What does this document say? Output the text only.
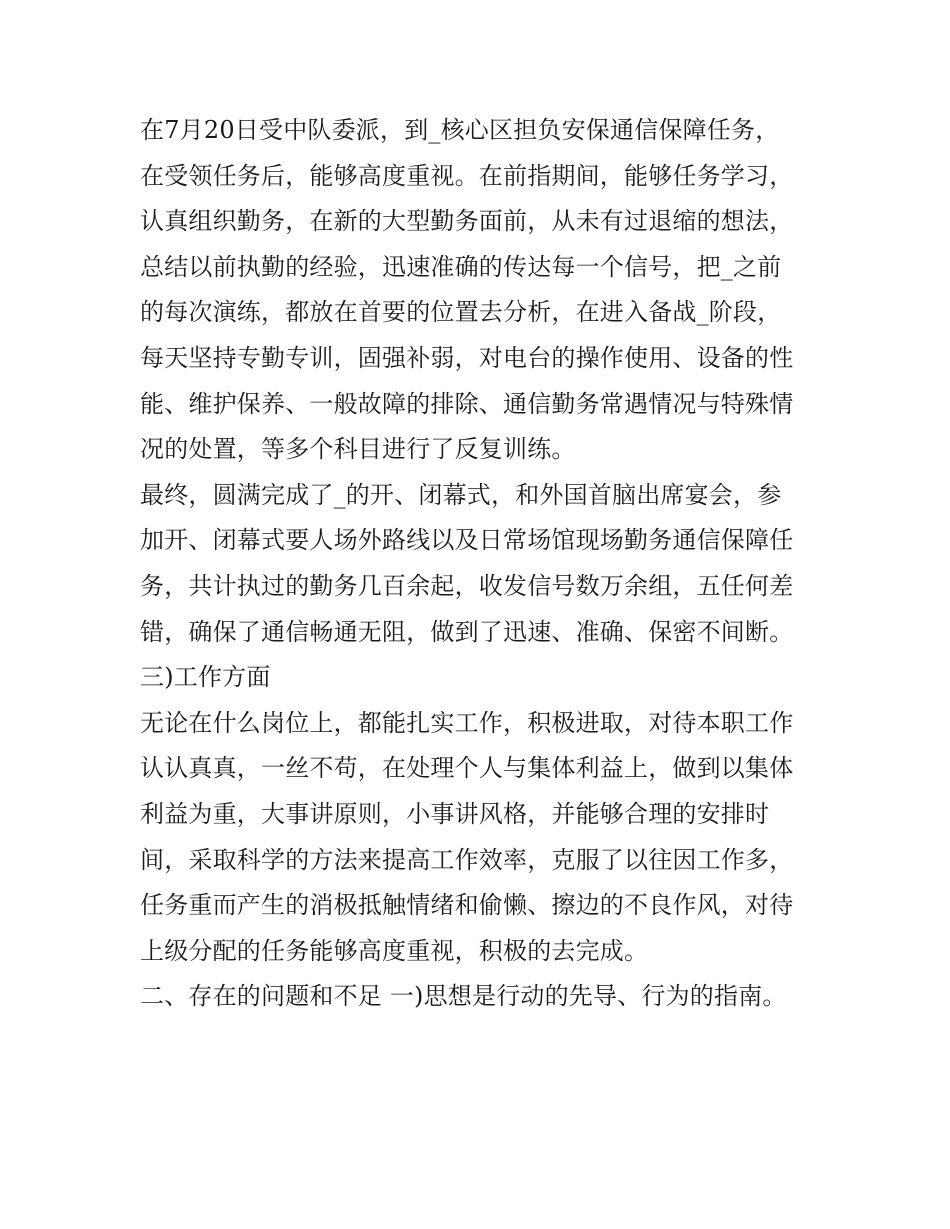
在7月20日受中队委派，到_核心区担负安保通信保障任务，
在受领任务后，能够高度重视。在前指期间，能够任务学习，
认真组织勤务，在新的大型勤务面前，从未有过退缩的想法，
总结以前执勤的经验，迅速准确的传达每一个信号，把_之前
的每次演练，都放在首要的位置去分析，在进入备战_阶段，
每天坚持专勤专训，固强补弱，对电台的操作使用、设备的性
能、维护保养、一般故障的排除、通信勤务常遇情况与特殊情
况的处置，等多个科目进行了反复训练。
最终，圆满完成了_的开、闭幕式，和外国首脑出席宴会，参
加开、闭幕式要人场外路线以及日常场馆现场勤务通信保障任
务，共计执过的勤务几百余起，收发信号数万余组，五任何差
错，确保了通信畅通无阻，做到了迅速、准确、保密不间断。
三)工作方面
无论在什么岗位上，都能扎实工作，积极进取，对待本职工作
认认真真，一丝不苟，在处理个人与集体利益上，做到以集体
利益为重，大事讲原则，小事讲风格，并能够合理的安排时
间，采取科学的方法来提高工作效率，克服了以往因工作多，
任务重而产生的消极抵触情绪和偷懒、擦边的不良作风，对待
上级分配的任务能够高度重视，积极的去完成。
二、存在的问题和不足 一)思想是行动的先导、行为的指南。
